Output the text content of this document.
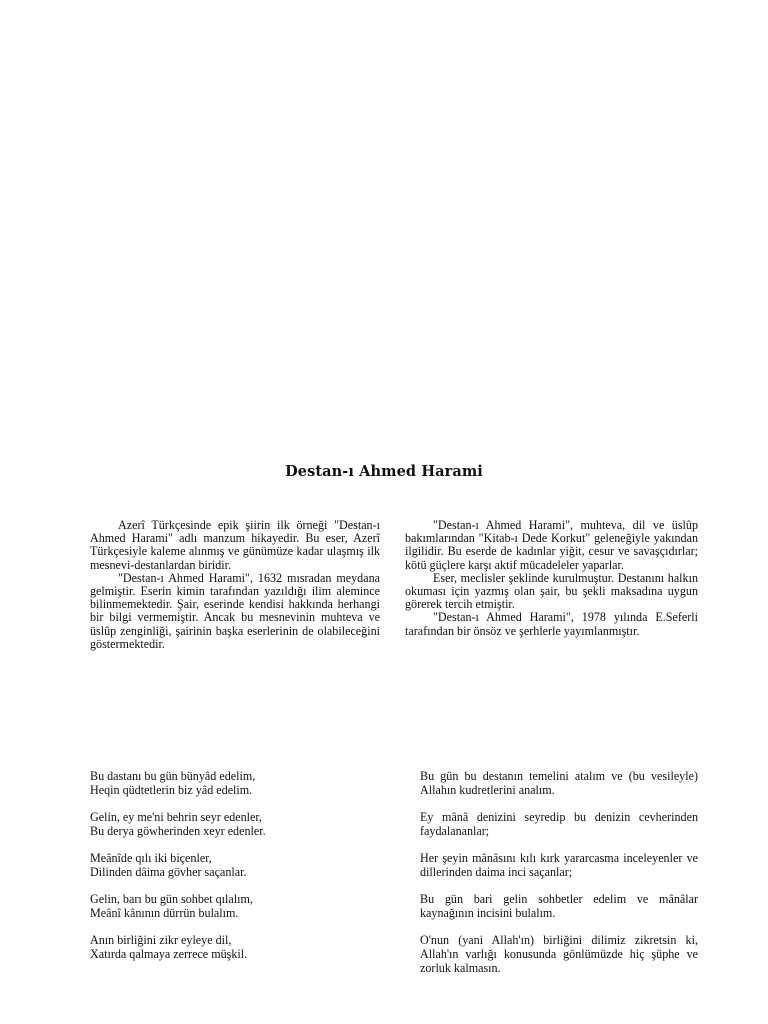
Destan-ı Ahmed Harami

Azerî Türkçesinde epik şiirin ilk örneği "Destan-ı Ahmed Harami" adlı manzum hikayedir. Bu eser, Azerî Türkçesiyle kaleme alınmış ve günümüze kadar ulaşmış ilk mesnevi-destanlardan biridir.

"Destan-ı Ahmed Harami", 1632 mısradan meydana gelmiştir. Eserin kimin tarafından yazıldığı ilim alemince bilinmemektedir. Şair, eserinde kendisi hakkında herhangi bir bilgi vermemiştir. Ancak bu mesnevinin muhteva ve üslûp zenginliği, şairinin başka eserlerinin de olabileceğini göstermektedir.

"Destan-ı Ahmed Harami", muhteva, dil ve üslûp bakımlarından "Kitab-ı Dede Korkut" geleneğiyle yakından ilgilidir. Bu eserde de kadınlar yiğit, cesur ve savaşçıdırlar; kötü güçlere karşı aktif mücadeleler yaparlar.

Eser, meclisler şeklinde kurulmuştur. Destanını halkın okuması için yazmış olan şair, bu şekli maksadına uygun görerek tercih etmiştir.

"Destan-ı Ahmed Harami", 1978 yılında E.Seferli tarafından bir önsöz ve şerhlerle yayımlanmıştır.

Bu dastanı bu gün bünyâd edelim,
Heqin qüdtetlerin biz yâd edelim.
Gelin, ey me'ni behrin seyr edenler,
Bu derya göwherinden xeyr edenler.
Meânîde qılı iki biçenler,
Dilinden dâima gövher saçanlar.
Gelin, barı bu gün sohbet qılalım,
Meânî kânının dürrün bulalım.
Anın birliğini zikr eyleye dil,
Xatırda qalmaya zerrece müşkil.
Bu gün bu destanın temelini atalım ve (bu vesileyle) Allahın kudretlerini analım.
Ey mânâ denizini seyredip bu denizin cevherinden faydalananlar;
Her şeyin mânâsını kılı kırk yararcasma inceleyenler ve dillerinden daima inci saçanlar;
Bu gün bari gelin sohbetler edelim ve mânâlar kaynağının incisini bulalım.
O'nun (yani Allah'ın) birliğini dilimiz zikretsin ki, Allah'ın varlığı konusunda gönlümüzde hiç şüphe ve zorluk kalmasın.
